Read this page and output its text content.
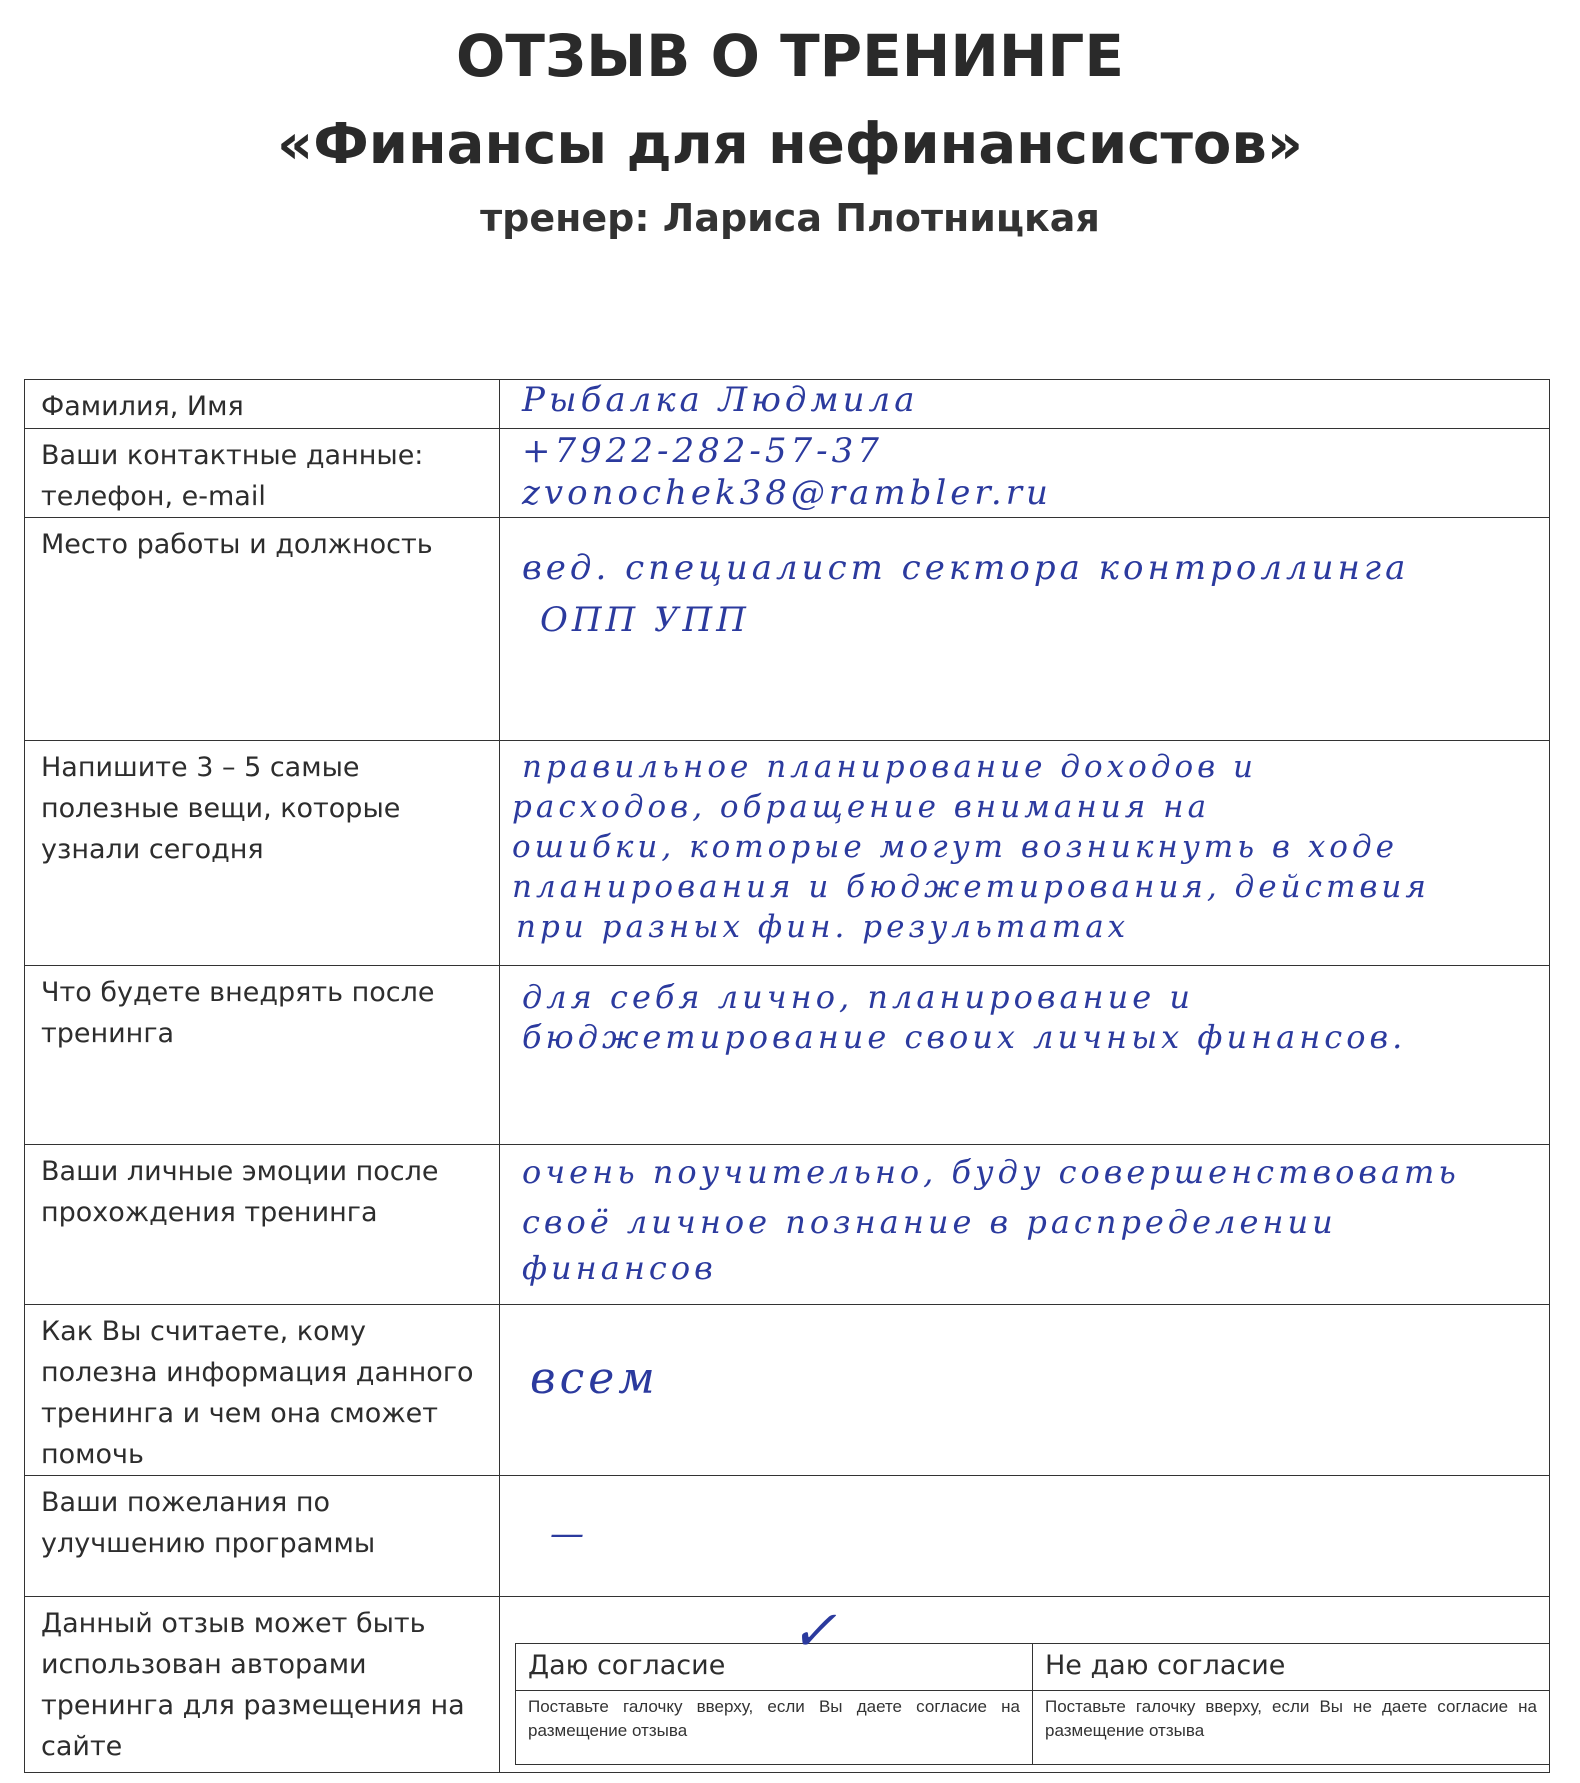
ОТЗЫВ О ТРЕНИНГЕ
«Финансы для нефинансистов»
тренер: Лариса Плотницкая
Фамилия, Имя	Рыбалка Людмила

Ваши контактные данные: телефон, e-mail	
+7922-282-57-37
zvonochek38@rambler.ru

Место работы и должность	
вед. специалист сектора контроллинга
ОПП УПП

Напишите 3 – 5 самые полезные вещи, которые узнали сегодня	
правильное планирование доходов и
расходов, обращение внимания на
ошибки, которые могут возникнуть в ходе
планирования и бюджетирования, действия
при разных фин. результатах

Что будете внедрять после тренинга	
для себя лично, планирование и
бюджетирование своих личных финансов.

Ваши личные эмоции после прохождения тренинга	
очень поучительно, буду совершенствовать
своё личное познание в распределении
финансов

Как Вы считаете, кому полезна информация данного тренинга и чем она сможет помочь	
всем

Ваши пожелания по улучшению программы	—

Данный отзыв может быть использован авторами тренинга для размещения на сайте	
Даю согласие	Не даю согласие
Поставьте галочку вверху, если Вы даете согласие на размещение отзыва	Поставьте галочку вверху, если Вы не даете согласие на размещение отзыва
✓
